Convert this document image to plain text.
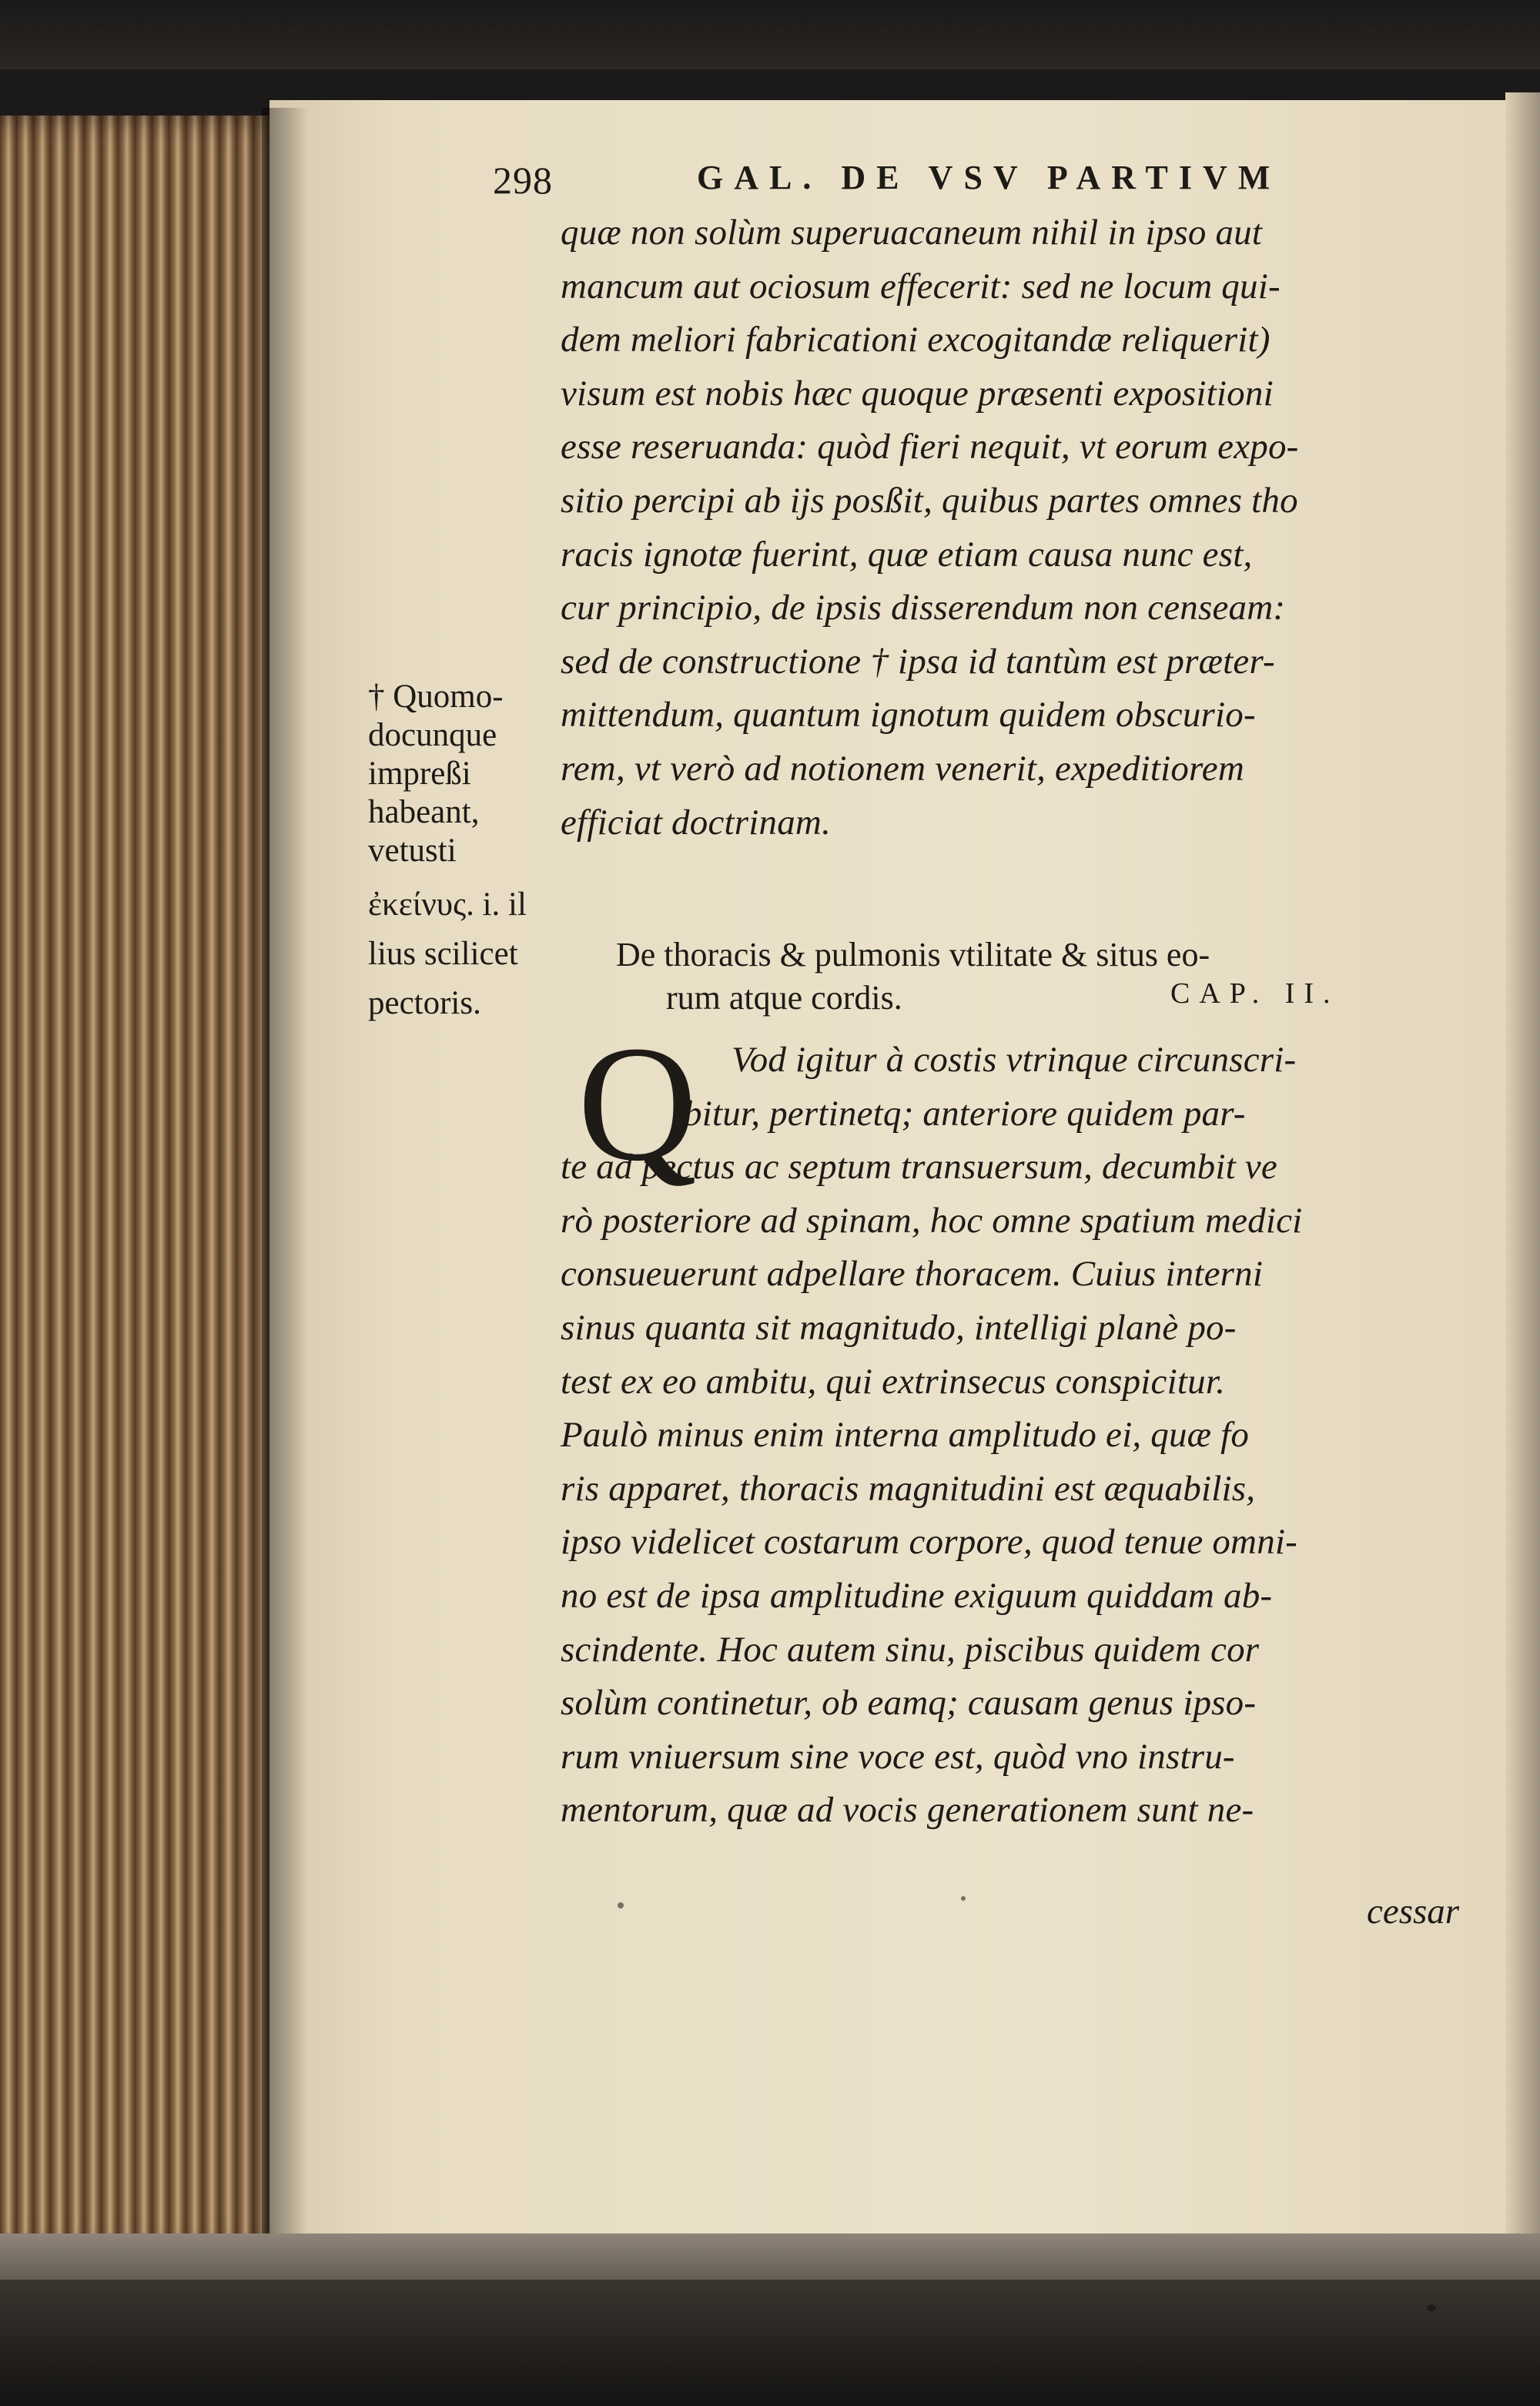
298	GAL. DE VSV PARTIVM

quæ non solùm superuacaneum nihil in ipso aut
mancum aut ociosum effecerit: sed ne locum qui-
dem meliori fabricationi excogitandæ reliquerit)
visum est nobis hæc quoque præsenti expositioni
esse reseruanda: quòd fieri nequit, vt eorum expo-
sitio percipi ab ijs posßit, quibus partes omnes tho
racis ignotæ fuerint, quæ etiam causa nunc est,
cur principio, de ipsis disserendum non censeam:
sed de constructione † ipsa id tantùm est præter-
mittendum, quantum ignotum quidem obscurio-
rem, vt verò ad notionem venerit, expeditiorem
efficiat doctrinam.
† Quomo-
docunque
impreßi
habeant,
vetusti
ἐκείνυς. i. il
lius scilicet
pectoris.
De thoracis & pulmonis vtilitate & situs eo-
rum atque cordis.	CAP. II.

Q Vod igitur à costis vtrinque circunscri-
bitur, pertinetq; anteriore quidem par-
te ad pectus ac septum transuersum, decumbit ve
rò posteriore ad spinam, hoc omne spatium medici
consueuerunt adpellare thoracem. Cuius interni
sinus quanta sit magnitudo, intelligi planè po-
test ex eo ambitu, qui extrinsecus conspicitur.
Paulò minus enim interna amplitudo ei, quæ fo
ris apparet, thoracis magnitudini est æquabilis,
ipso videlicet costarum corpore, quod tenue omni-
no est de ipsa amplitudine exiguum quiddam ab-
scindente. Hoc autem sinu, piscibus quidem cor
solùm continetur, ob eamq; causam genus ipso-
rum vniuersum sine voce est, quòd vno instru-
mentorum, quæ ad vocis generationem sunt ne-

cessar
